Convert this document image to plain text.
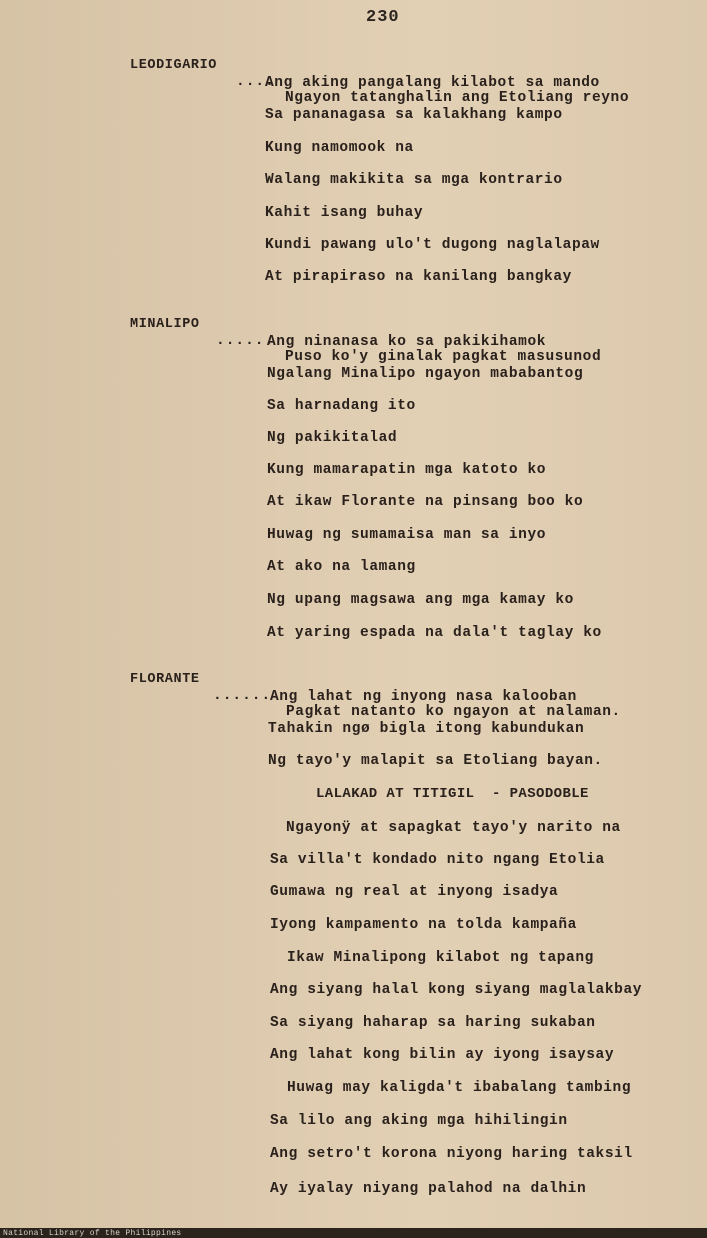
230

LEODIGARIO

....

Ngayon tatanghalin ang Etoliang reyno

Ang aking pangalang kilabot sa mando
Sa pananagasa sa kalakhang kampo
Kung namomook na
Walang makikita sa mga kontrario
Kahit isang buhay
Kundi pawang ulo't dugong naglalapaw
At pirapiraso na kanilang bangkay

MINALIPO

......

Puso ko'y ginalak pagkat masusunod

Ang ninanasa ko sa pakikihamok
Ngalang Minalipo ngayon mababantog
Sa harnadang ito
Ng pakikitalad
Kung mamarapatin mga katoto ko
At ikaw Florante na pinsang boo ko
Huwag ng sumamaisa man sa inyo
At ako na lamang
Ng upang magsawa ang mga kamay ko
At yaring espada na dala't taglay ko

FLORANTE

......

Pagkat natanto ko ngayon at nalaman.

Ang lahat ng inyong nasa kalooban
Tahakin ngø bigla itong kabundukan
Ng tayo'y malapit sa Etoliang bayan.
LALAKAD AT TITIGIL  - PASODOBLE
Ngayonÿ at sapagkat tayo'y narito na
Sa villa't kondado nito ngang Etolia
Gumawa ng real at inyong isadya
Iyong kampamento na tolda kampaña
Ikaw Minalipong kilabot ng tapang
Ang siyang halal kong siyang maglalakbay
Sa siyang haharap sa haring sukaban
Ang lahat kong bilin ay iyong isaysay
Huwag may kaligda't ibabalang tambing
Sa lilo ang aking mga hihilingin
Ang setro't korona niyong haring taksil
Ay iyalay niyang palahod na dalhin
National Library of the Philippines
